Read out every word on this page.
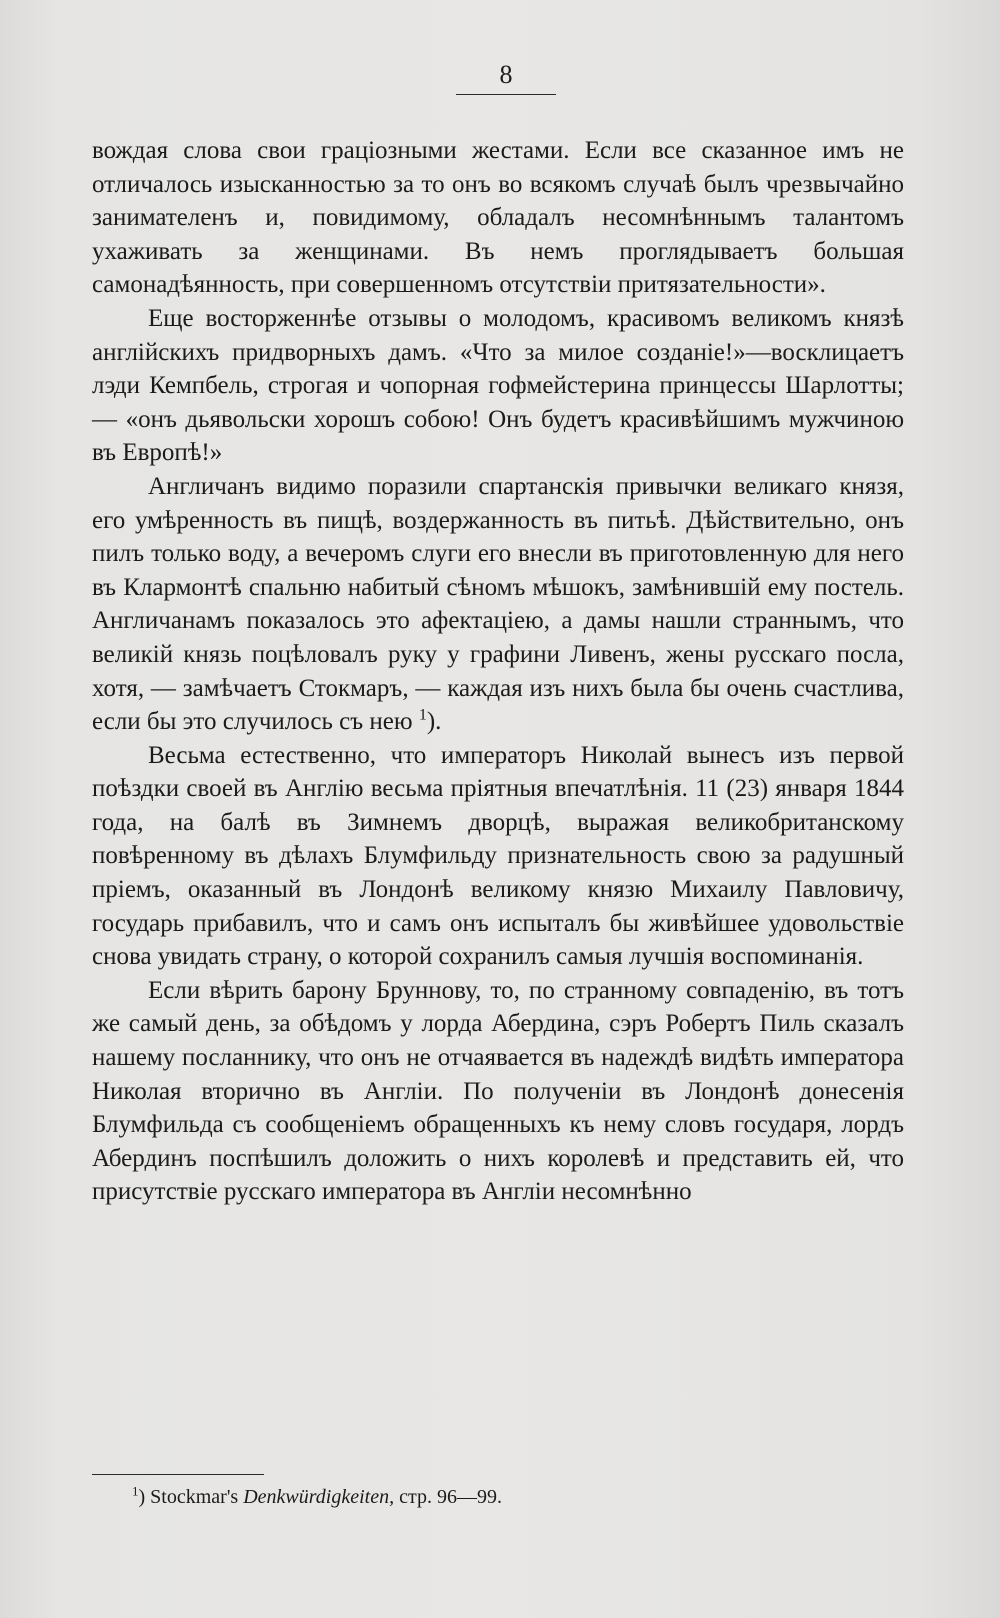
8

вождая слова свои граціозными жестами. Если все сказанное имъ не отличалось изысканностью за то онъ во всякомъ случаѣ былъ чрезвычайно занимателенъ и, повидимому, обладалъ несомнѣннымъ талантомъ ухаживать за женщинами. Въ немъ проглядываетъ большая самонадѣянность, при совершенномъ отсутствіи притязательности».

Еще восторженнѣе отзывы о молодомъ, красивомъ великомъ князѣ англійскихъ придворныхъ дамъ. «Что за милое созданіе!»—восклицаетъ лэди Кемпбель, строгая и чопорная гофмейстерина принцессы Шарлотты; — «онъ дьявольски хорошъ собою! Онъ будетъ красивѣйшимъ мужчиною въ Европѣ!»

Англичанъ видимо поразили спартанскія привычки великаго князя, его умѣренность въ пищѣ, воздержанность въ питьѣ. Дѣйствительно, онъ пилъ только воду, а вечеромъ слуги его внесли въ приготовленную для него въ Клармонтѣ спальню набитый сѣномъ мѣшокъ, замѣнившій ему постель. Англичанамъ показалось это афектаціею, а дамы нашли страннымъ, что великій князь поцѣловалъ руку у графини Ливенъ, жены русскаго посла, хотя, — замѣчаетъ Стокмаръ, — каждая изъ нихъ была бы очень счастлива, если бы это случилось съ нею $^1$).

Весьма естественно, что императоръ Николай вынесъ изъ первой поѣздки своей въ Англію весьма пріятныя впечатлѣнія. 11 (23) января 1844 года, на балѣ въ Зимнемъ дворцѣ, выражая великобританскому повѣренному въ дѣлахъ Блумфильду признательность свою за радушный пріемъ, оказанный въ Лондонѣ великому князю Михаилу Павловичу, государь прибавилъ, что и самъ онъ испыталъ бы живѣйшее удовольствіе снова увидать страну, о которой сохранилъ самыя лучшія воспоминанія.

Если вѣрить барону Бруннову, то, по странному совпаденію, въ тотъ же самый день, за обѣдомъ у лорда Абердина, сэръ Робертъ Пиль сказалъ нашему посланнику, что онъ не отчаявается въ надеждѣ видѣть императора Николая вторично въ Англіи. По полученіи въ Лондонѣ донесенія Блумфильда съ сообщеніемъ обращенныхъ къ нему словъ государя, лордъ Абердинъ поспѣшилъ доложить о нихъ королевѣ и представить ей, что присутствіе русскаго императора въ Англіи несомнѣнно

$^1$) Stockmar's Denkwürdigkeiten, стр. 96—99.
